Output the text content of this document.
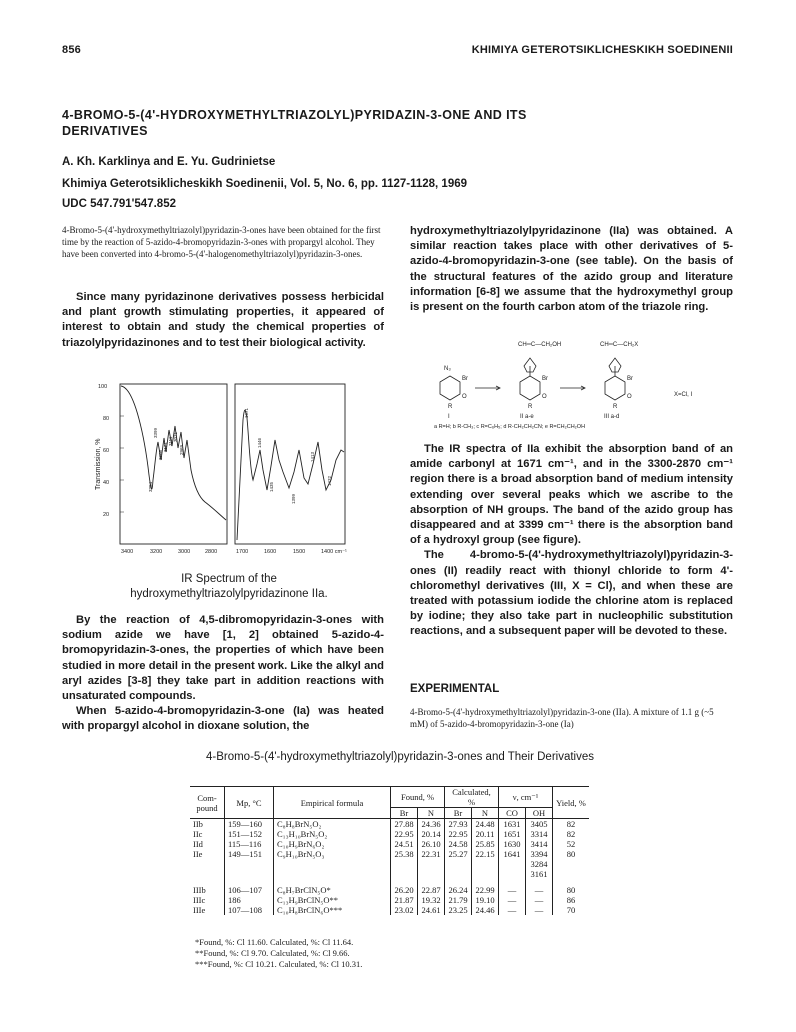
856	KHIMIYA GETEROTSIKLICHESKIKH SOEDINENII
4-BROMO-5-(4'-HYDROXYMETHYLTRIAZOLYL)PYRIDAZIN-3-ONE AND ITS DERIVATIVES
A. Kh. Karklinya and E. Yu. Gudrinietse
Khimiya Geterotsiklicheskikh Soedinenii, Vol. 5, No. 6, pp. 1127-1128, 1969
UDC 547.791'547.852
4-Bromo-5-(4'-hydroxymethyltriazolyl)pyridazin-3-ones have been obtained for the first time by the reaction of 5-azido-4-bromopyridazin-3-ones with propargyl alcohol. They have been converted into 4-bromo-5-(4'-halogenomethyltriazolyl)pyridazin-3-ones.

Since many pyridazinone derivatives possess herbicidal and plant growth stimulating properties, it appeared of interest to obtain and study the chemical properties of triazolylpyridazinones and to test their biological activity.

100
80
60
40
20
3400	3200	3000	2800	1700	1600	1500	1400 cm⁻¹
3399
3284
3208
3161
3111 3071
2969
1671
1446
1435
1399
1413
1432
Transmission, %
IR Spectrum of the hydroxymethyltriazolylpyridazinone IIa.

By the reaction of 4,5-dibromopyridazin-3-ones with sodium azide we have [1, 2] obtained 5-azido-4-bromopyridazin-3-ones, the properties of which have been studied in more detail in the present work. Like the alkyl and aryl azides [3-8] they take part in addition reactions with unsaturated compounds.

When 5-azido-4-bromopyridazin-3-one (Ia) was heated with propargyl alcohol in dioxane solution, the

hydroxymethyltriazolylpyridazinone (IIa) was obtained. A similar reaction takes place with other derivatives of 5-azido-4-bromopyridazin-3-one (see table). On the basis of the structural features of the azido group and literature information [6-8] we assume that the hydroxymethyl group is present on the fourth carbon atom of the triazole ring.

CH═C—CH₂OH	CH═C—CH₂X
N₃
Br	Br	Br
O	O	O
R	R	R
X=Cl, I
I	II a-e	III a-d
a R=H; b R-CH₃; c R=C₆H₅; d R-CH₂CH₂CN; e R=CH₂CH₂OH

The IR spectra of IIa exhibit the absorption band of an amide carbonyl at 1671 cm⁻¹, and in the 3300-2870 cm⁻¹ region there is a broad absorption band of medium intensity extending over several peaks which we ascribe to the absorption of NH groups. The band of the azido group has disappeared and at 3399 cm⁻¹ there is the absorption band of a hydroxyl group (see figure).

The 4-bromo-5-(4'-hydroxymethyltriazolyl)pyridazin-3-ones (II) readily react with thionyl chloride to form 4'-chloromethyl derivatives (III, X = Cl), and when these are treated with potassium iodide the chlorine atom is replaced by iodine; they also take part in nucleophilic substitution reactions, and a subsequent paper will be devoted to these.

EXPERIMENTAL
4-Bromo-5-(4'-hydroxymethyltriazolyl)pyridazin-3-one (IIa). A mixture of 1.1 g (~5 mM) of 5-azido-4-bromopyridazin-3-one (Ia)
4-Bromo-5-(4'-hydroxymethyltriazolyl)pyridazin-3-ones and Their Derivatives
Com-pound	Mp, °C	Empirical formula	Found, %		Calculated, %		ν, cm⁻¹		Yield, %
			Br	N	Br	N	CO	OH	
IIb	159—160	C₈H₈BrN₅O₂	27.88	24.36	27.93	24.48	1631	3405	82
IIc	151—152	C₁₃H₁₀BrN₅O₂	22.95	20.14	22.95	20.11	1651	3314	82
IId	115—116	C₁₀H₉BrN₆O₂	24.51	26.10	24.58	25.85	1630	3414	52
IIe	149—151	C₉H₁₀BrN₅O₃	25.38	22.31	25.27	22.15	1641	3394	80
								3284	
								3161	
IIIb	106—107	C₈H₇BrClN₅O*	26.20	22.87	26.24	22.99	—	—	80
IIIc	186	C₁₃H₉BrClN₅O**	21.87	19.32	21.79	19.10	—	—	86
IIIe	107—108	C₁₀H₈BrClN₆O***	23.02	24.61	23.25	24.46	—	—	70
*Found, %: Cl 11.60. Calculated, %: Cl 11.64.
**Found, %: Cl 9.70. Calculated, %: Cl 9.66.
***Found, %: Cl 10.21. Calculated, %: Cl 10.31.
